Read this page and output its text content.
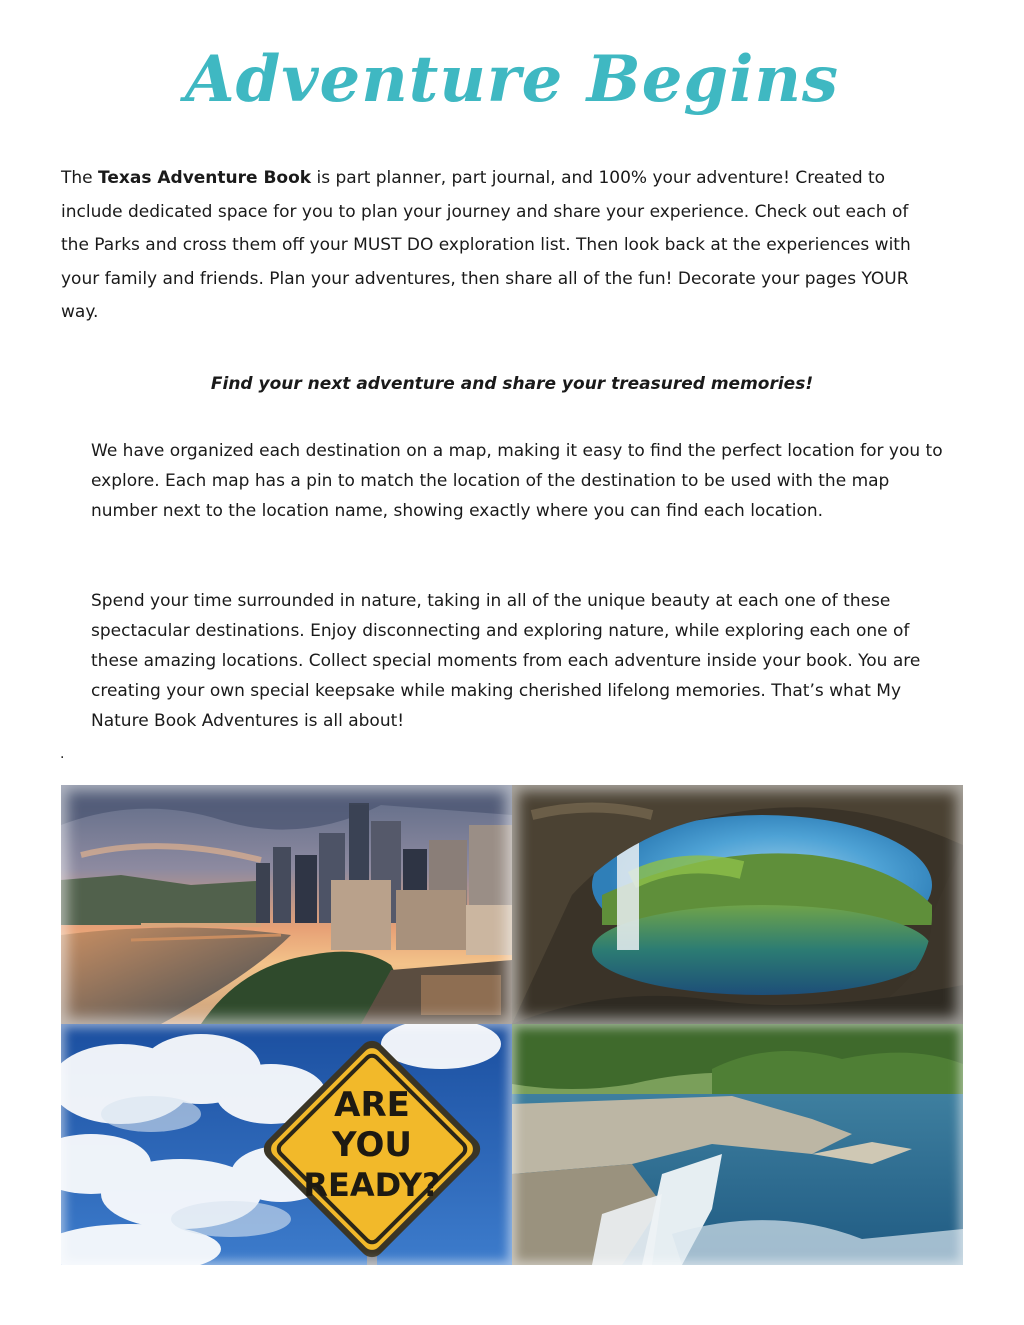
Adventure Begins

The Texas Adventure Book is part planner, part journal, and 100% your adventure! Created to include dedicated space for you to plan your journey and share your experience. Check out each of the Parks and cross them off your MUST DO exploration list. Then look back at the experiences with your family and friends. Plan your adventures, then share all of the fun! Decorate your pages YOUR way.

Find your next adventure and share your treasured memories!

We have organized each destination on a map, making it easy to find the perfect location for you to explore. Each map has a pin to match the location of the destination to be used with the map number next to the location name, showing exactly where you can find each location.

Spend your time surrounded in nature, taking in all of the unique beauty at each one of these spectacular destinations. Enjoy disconnecting and exploring nature, while exploring each one of these amazing locations. Collect special moments from each adventure inside your book. You are creating your own special keepsake while making cherished lifelong memories. That’s what My Nature Book Adventures is all about!

.
ARE
YOU
READY?
